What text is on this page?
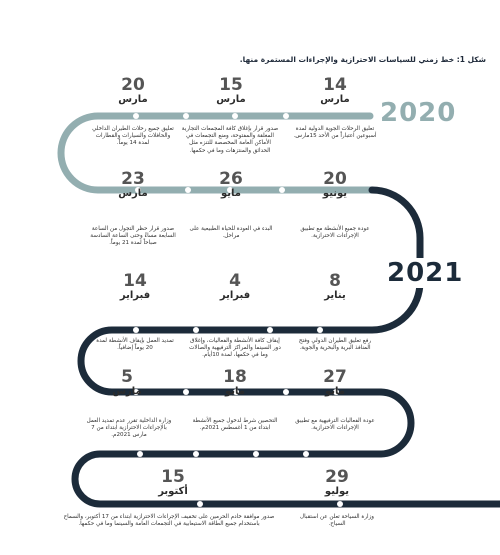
شكل 1: خط زمني للسياسات الاحترازية والإجراءات المستمرة منها.
2020
2021
14
مارس
تعليق الرحلات الجوية الدولية لمدة أسبوعين اعتباراً من الأحد 15مارس.
15
مارس
صدور قرار بإغلاق كافة المجمعات التجارية المغلقة والمفتوحة، ومنع التجمعات في الأماكن العامة المخصصة للتنزه مثل الحدائق والمنتزهات وما في حكمها.
20
مارس
تعليق جميع رحلات الطيران الداخلي والحافلات والسيارات والقطارات لمدة 14 يوماً.
20
يونيو
عودة جميع الأنشطة مع تطبيق الإجراءات الاحترازية.
26
مايو
البدء في العودة للحياة الطبيعية على مراحل.
23
مارس
صدور قرار حظر التجول من الساعة السابعة مساءً وحتى الساعة السادسة صباحاً لمدة 21 يوماً.
8
يناير
رفع تعليق الطيران الدولي وفتح المنافذ البرية والبحرية والجوية.
4
فبراير
إيقاف كافة الأنشطة والفعاليات، وإغلاق دور السينما والمراكز الترفيهية والصالات وما في حكمها، لمدة 10أيام.
14
فبراير
تمديد العمل بإيقاف الأنشطة لمدة 20 يوماً إضافياً.
27
مايو
عودة الفعاليات الترفيهية مع تطبيق الإجراءات الاحترازية.
18
مايو
التحصين شرط لدخول جميع الأنشطة ابتداء من 1 أغسطس 2021م.
5
مارس
وزارة الداخلية تقرر عدم تمديد العمل بالإجراءات الاحترازية ابتداء من 7 مارس 2021م.
29
يوليو
وزارة السياحة تعلن عن استقبال السياح.
15
أكتوبر
صدور موافقة خادم الحرمين على تخفيف الإجراءات الاحترازية ابتداء من 17 أكتوبر، والسماح باستخدام جميع الطاقة الاستيعابية في التجمعات العامة والسينما وما في حكمها.
